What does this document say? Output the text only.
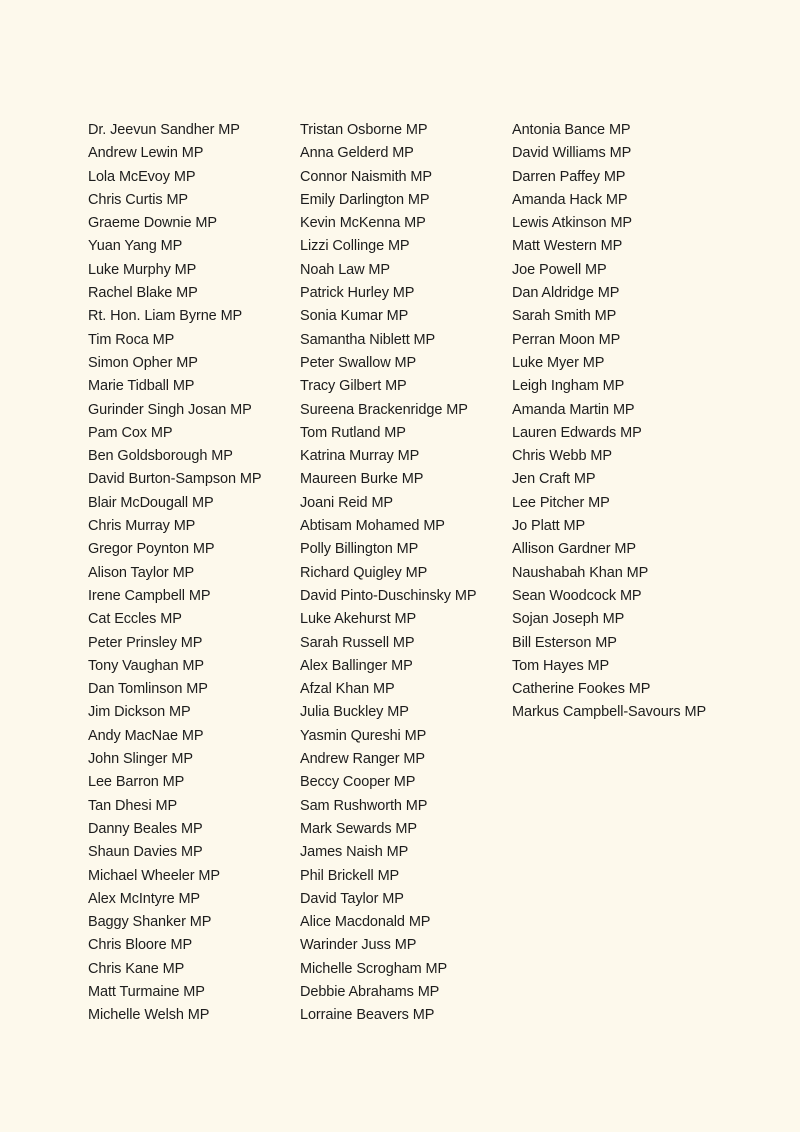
Dr. Jeevun Sandher MP
Andrew Lewin MP
Lola McEvoy MP
Chris Curtis MP
Graeme Downie MP
Yuan Yang MP
Luke Murphy MP
Rachel Blake MP
Rt. Hon. Liam Byrne MP
Tim Roca MP
Simon Opher MP
Marie Tidball MP
Gurinder Singh Josan MP
Pam Cox MP
Ben Goldsborough MP
David Burton-Sampson MP
Blair McDougall MP
Chris Murray MP
Gregor Poynton MP
Alison Taylor MP
Irene Campbell MP
Cat Eccles MP
Peter Prinsley MP
Tony Vaughan MP
Dan Tomlinson MP
Jim Dickson MP
Andy MacNae MP
John Slinger MP
Lee Barron MP
Tan Dhesi MP
Danny Beales MP
Shaun Davies MP
Michael Wheeler MP
Alex McIntyre MP
Baggy Shanker MP
Chris Bloore MP
Chris Kane MP
Matt Turmaine MP
Michelle Welsh MP
Tristan Osborne MP
Anna Gelderd MP
Connor Naismith MP
Emily Darlington MP
Kevin McKenna MP
Lizzi Collinge MP
Noah Law MP
Patrick Hurley MP
Sonia Kumar MP
Samantha Niblett MP
Peter Swallow MP
Tracy Gilbert MP
Sureena Brackenridge MP
Tom Rutland MP
Katrina Murray MP
Maureen Burke MP
Joani Reid MP
Abtisam Mohamed MP
Polly Billington MP
Richard Quigley MP
David Pinto-Duschinsky MP
Luke Akehurst MP
Sarah Russell MP
Alex Ballinger MP
Afzal Khan MP
Julia Buckley MP
Yasmin Qureshi MP
Andrew Ranger MP
Beccy Cooper MP
Sam Rushworth MP
Mark Sewards MP
James Naish MP
Phil Brickell MP
David Taylor MP
Alice Macdonald MP
Warinder Juss MP
Michelle Scrogham MP
Debbie Abrahams MP
Lorraine Beavers MP
Antonia Bance MP
David Williams MP
Darren Paffey MP
Amanda Hack MP
Lewis Atkinson MP
Matt Western MP
Joe Powell MP
Dan Aldridge MP
Sarah Smith MP
Perran Moon MP
Luke Myer MP
Leigh Ingham MP
Amanda Martin MP
Lauren Edwards MP
Chris Webb MP
Jen Craft MP
Lee Pitcher MP
Jo Platt MP
Allison Gardner MP
Naushabah Khan MP
Sean Woodcock MP
Sojan Joseph MP
Bill Esterson MP
Tom Hayes MP
Catherine Fookes MP
Markus Campbell-Savours MP
